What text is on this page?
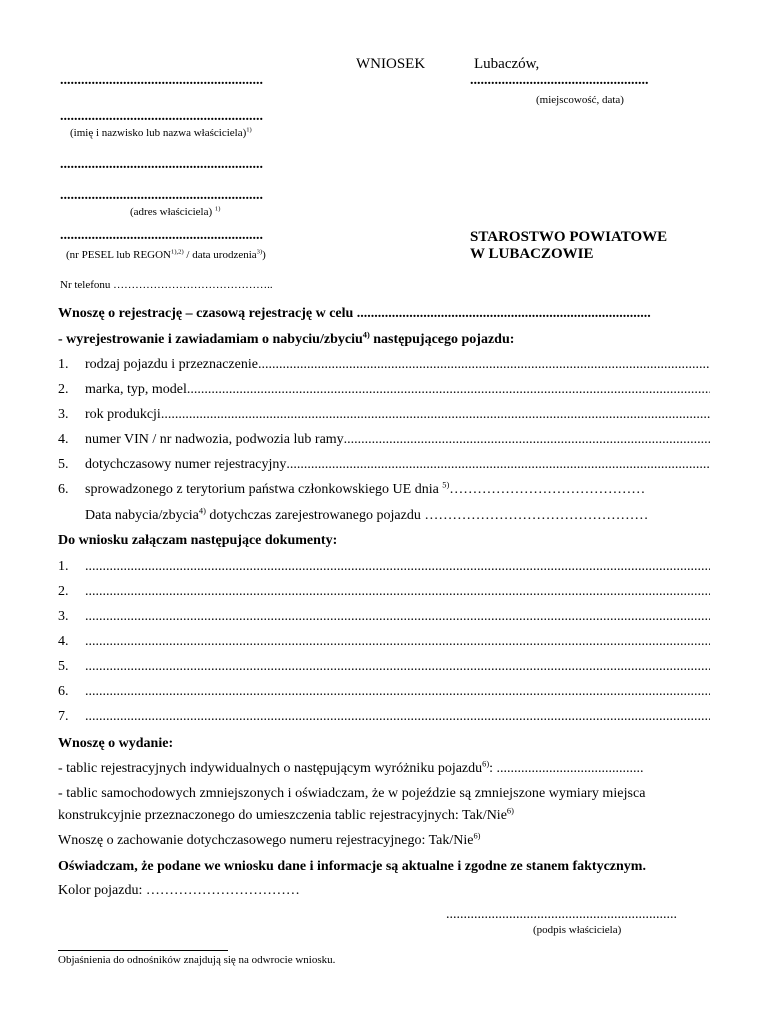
WNIOSEK	Lubaczów,
..........................................................	...................................................
(miejscowość, data)
..........................................................
(imię i nazwisko lub nazwa właściciela)$^{1)}$
..........................................................
..........................................................
(adres właściciela) $^{1)}$
..........................................................
(nr PESEL lub $REGON^{1),2)}$ / data urodzenia$^{3)}$)
STAROSTWO POWIATOWE
W LUBACZOWIE
Nr telefonu ……………………………………..
Wnoszę o rejestrację – czasową rejestrację w celu ....................................................................................
- wyrejestrowanie i zawiadamiam o nabyciu/zbyciu$^{4)}$ następującego pojazdu:
1.	rodzaj pojazdu i przeznaczenie
.....
2.	marka, typ, model
.....
3.	rok produkcji
.....
4.	numer VIN / nr nadwozia, podwozia lub ramy
.....
5.	dotychczasowy numer rejestracyjny
.....
6.	sprowadzonego z terytorium państwa członkowskiego UE dnia $^{5)}$ ……………………………………
Data nabycia/zbycia$^{4)}$ dotychczas zarejestrowanego pojazdu …………………………………………
Do wniosku załączam następujące dokumenty:
1.
.....
2.
.....
3.
.....
4.
.....
5.
.....
6.
.....
7.
.....
Wnoszę o wydanie:
- tablic rejestracyjnych indywidualnych o następującym wyróżniku pojazdu$^{6)}$: ..........................................
- tablic samochodowych zmniejszonych i oświadczam, że w pojeździe są zmniejszone wymiary miejsca
konstrukcyjnie przeznaczonego do umieszczenia tablic rejestracyjnych: Tak/Nie$^{6)}$
Wnoszę o zachowanie dotychczasowego numeru rejestracyjnego: Tak/Nie$^{6)}$
Oświadczam, że podane we wniosku dane i informacje są aktualne i zgodne ze stanem faktycznym.
Kolor pojazdu: ……………………………
..................................................................
(podpis właściciela)
Objaśnienia do odnośników znajdują się na odwrocie wniosku.
